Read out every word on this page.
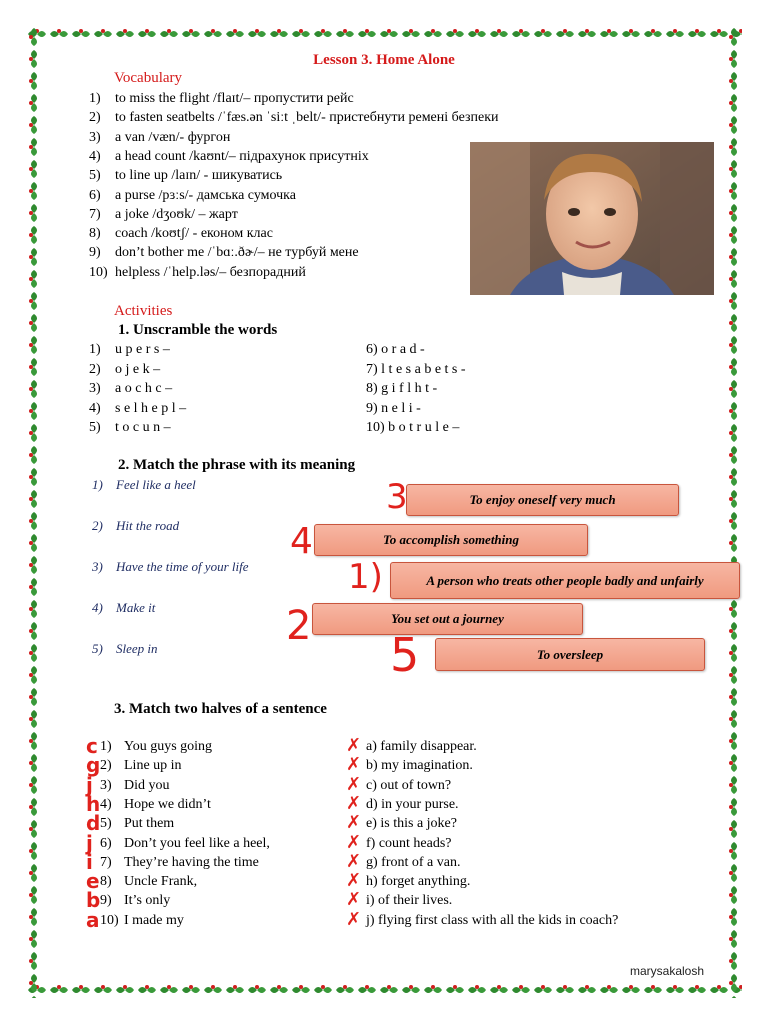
Lesson 3. Home Alone
Vocabulary
1) to miss the flight /flaɪt/– пропустити рейс
2) to fasten seatbelts /ˈfæs.ən ˈsiːt ˌbelt/- пристебнути ремені безпеки
3) a van /væn/- фургон
4) a head count /kaʊnt/– підрахунок присутніх
5) to line up /laɪn/ - шикуватись
6) a purse /pɜːs/- дамська сумочка
7) a joke /dʒoʊk/ – жарт
8) coach /koʊtʃ/ - економ клас
9) don’t bother me /ˈbɑː.ðɚ/– не турбуй мене
10) helpless /ˈhelp.ləs/– безпорадний
Activities
1. Unscramble the words
1) u p e r s –
2) o j e k –
3) a o c h c –
4) s e l h e p l –
5) t o c u n –
6) o r a d -
7) l t e s a b e t s -
8) g i f l h t -
9) n e l i -
10) b o t r u l e –
2. Match the phrase with its meaning
1) Feel like a heel
2) Hit the road
3) Have the time of your life
4) Make it
5) Sleep in
To enjoy oneself very much
To accomplish something
A person who treats other people badly and unfairly
You set out a journey
To oversleep
3
4
1)
2
5
3. Match two halves of a sentence
1) You guys going
c
2) Line up in
g
3) Did you
j
4) Hope we didn’t
h
5) Put them
d
6) Don’t you feel like a heel,
j
7) They’re having the time
i
8) Uncle Frank,
e
9) It’s only
b
10) I made my
a
a) family disappear.
✗
b) my imagination.
✗
c) out of town?
✗
d) in your purse.
✗
e) is this a joke?
✗
f) count heads?
✗
g) front of a van.
✗
h) forget anything.
✗
i) of their lives.
✗
j) flying first class with all the kids in coach?
✗
marysakalosh
